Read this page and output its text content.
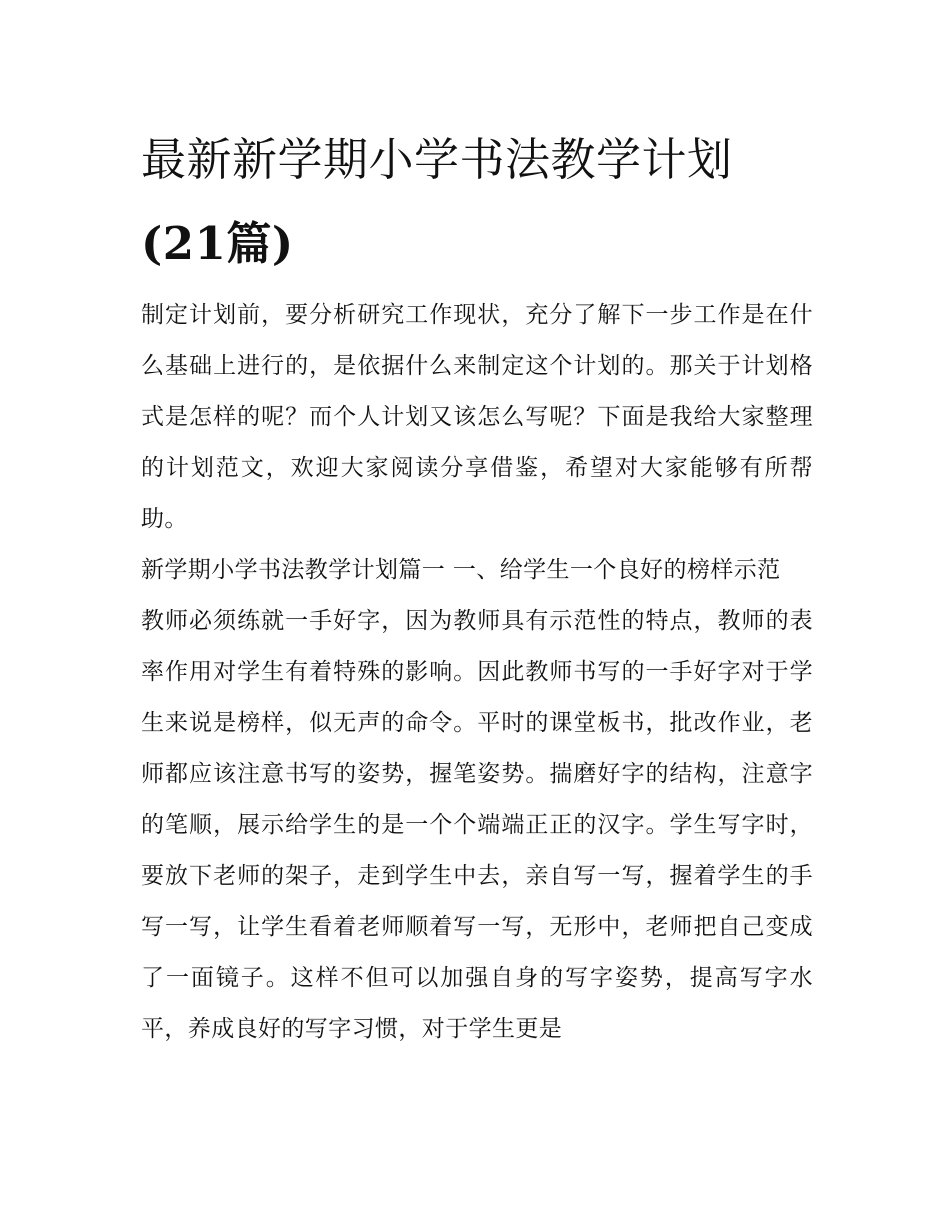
最新新学期小学书法教学计划
(21篇)

制定计划前，要分析研究工作现状，充分了解下一步工作是在什么基础上进行的，是依据什么来制定这个计划的。那关于计划格式是怎样的呢？而个人计划又该怎么写呢？下面是我给大家整理的计划范文，欢迎大家阅读分享借鉴，希望对大家能够有所帮助。

新学期小学书法教学计划篇一 一、给学生一个良好的榜样示范

教师必须练就一手好字，因为教师具有示范性的特点，教师的表率作用对学生有着特殊的影响。因此教师书写的一手好字对于学生来说是榜样，似无声的命令。平时的课堂板书，批改作业，老师都应该注意书写的姿势，握笔姿势。揣磨好字的结构，注意字的笔顺，展示给学生的是一个个端端正正的汉字。学生写字时，要放下老师的架子，走到学生中去，亲自写一写，握着学生的手写一写，让学生看着老师顺着写一写，无形中，老师把自己变成了一面镜子。这样不但可以加强自身的写字姿势，提高写字水平，养成良好的写字习惯，对于学生更是
